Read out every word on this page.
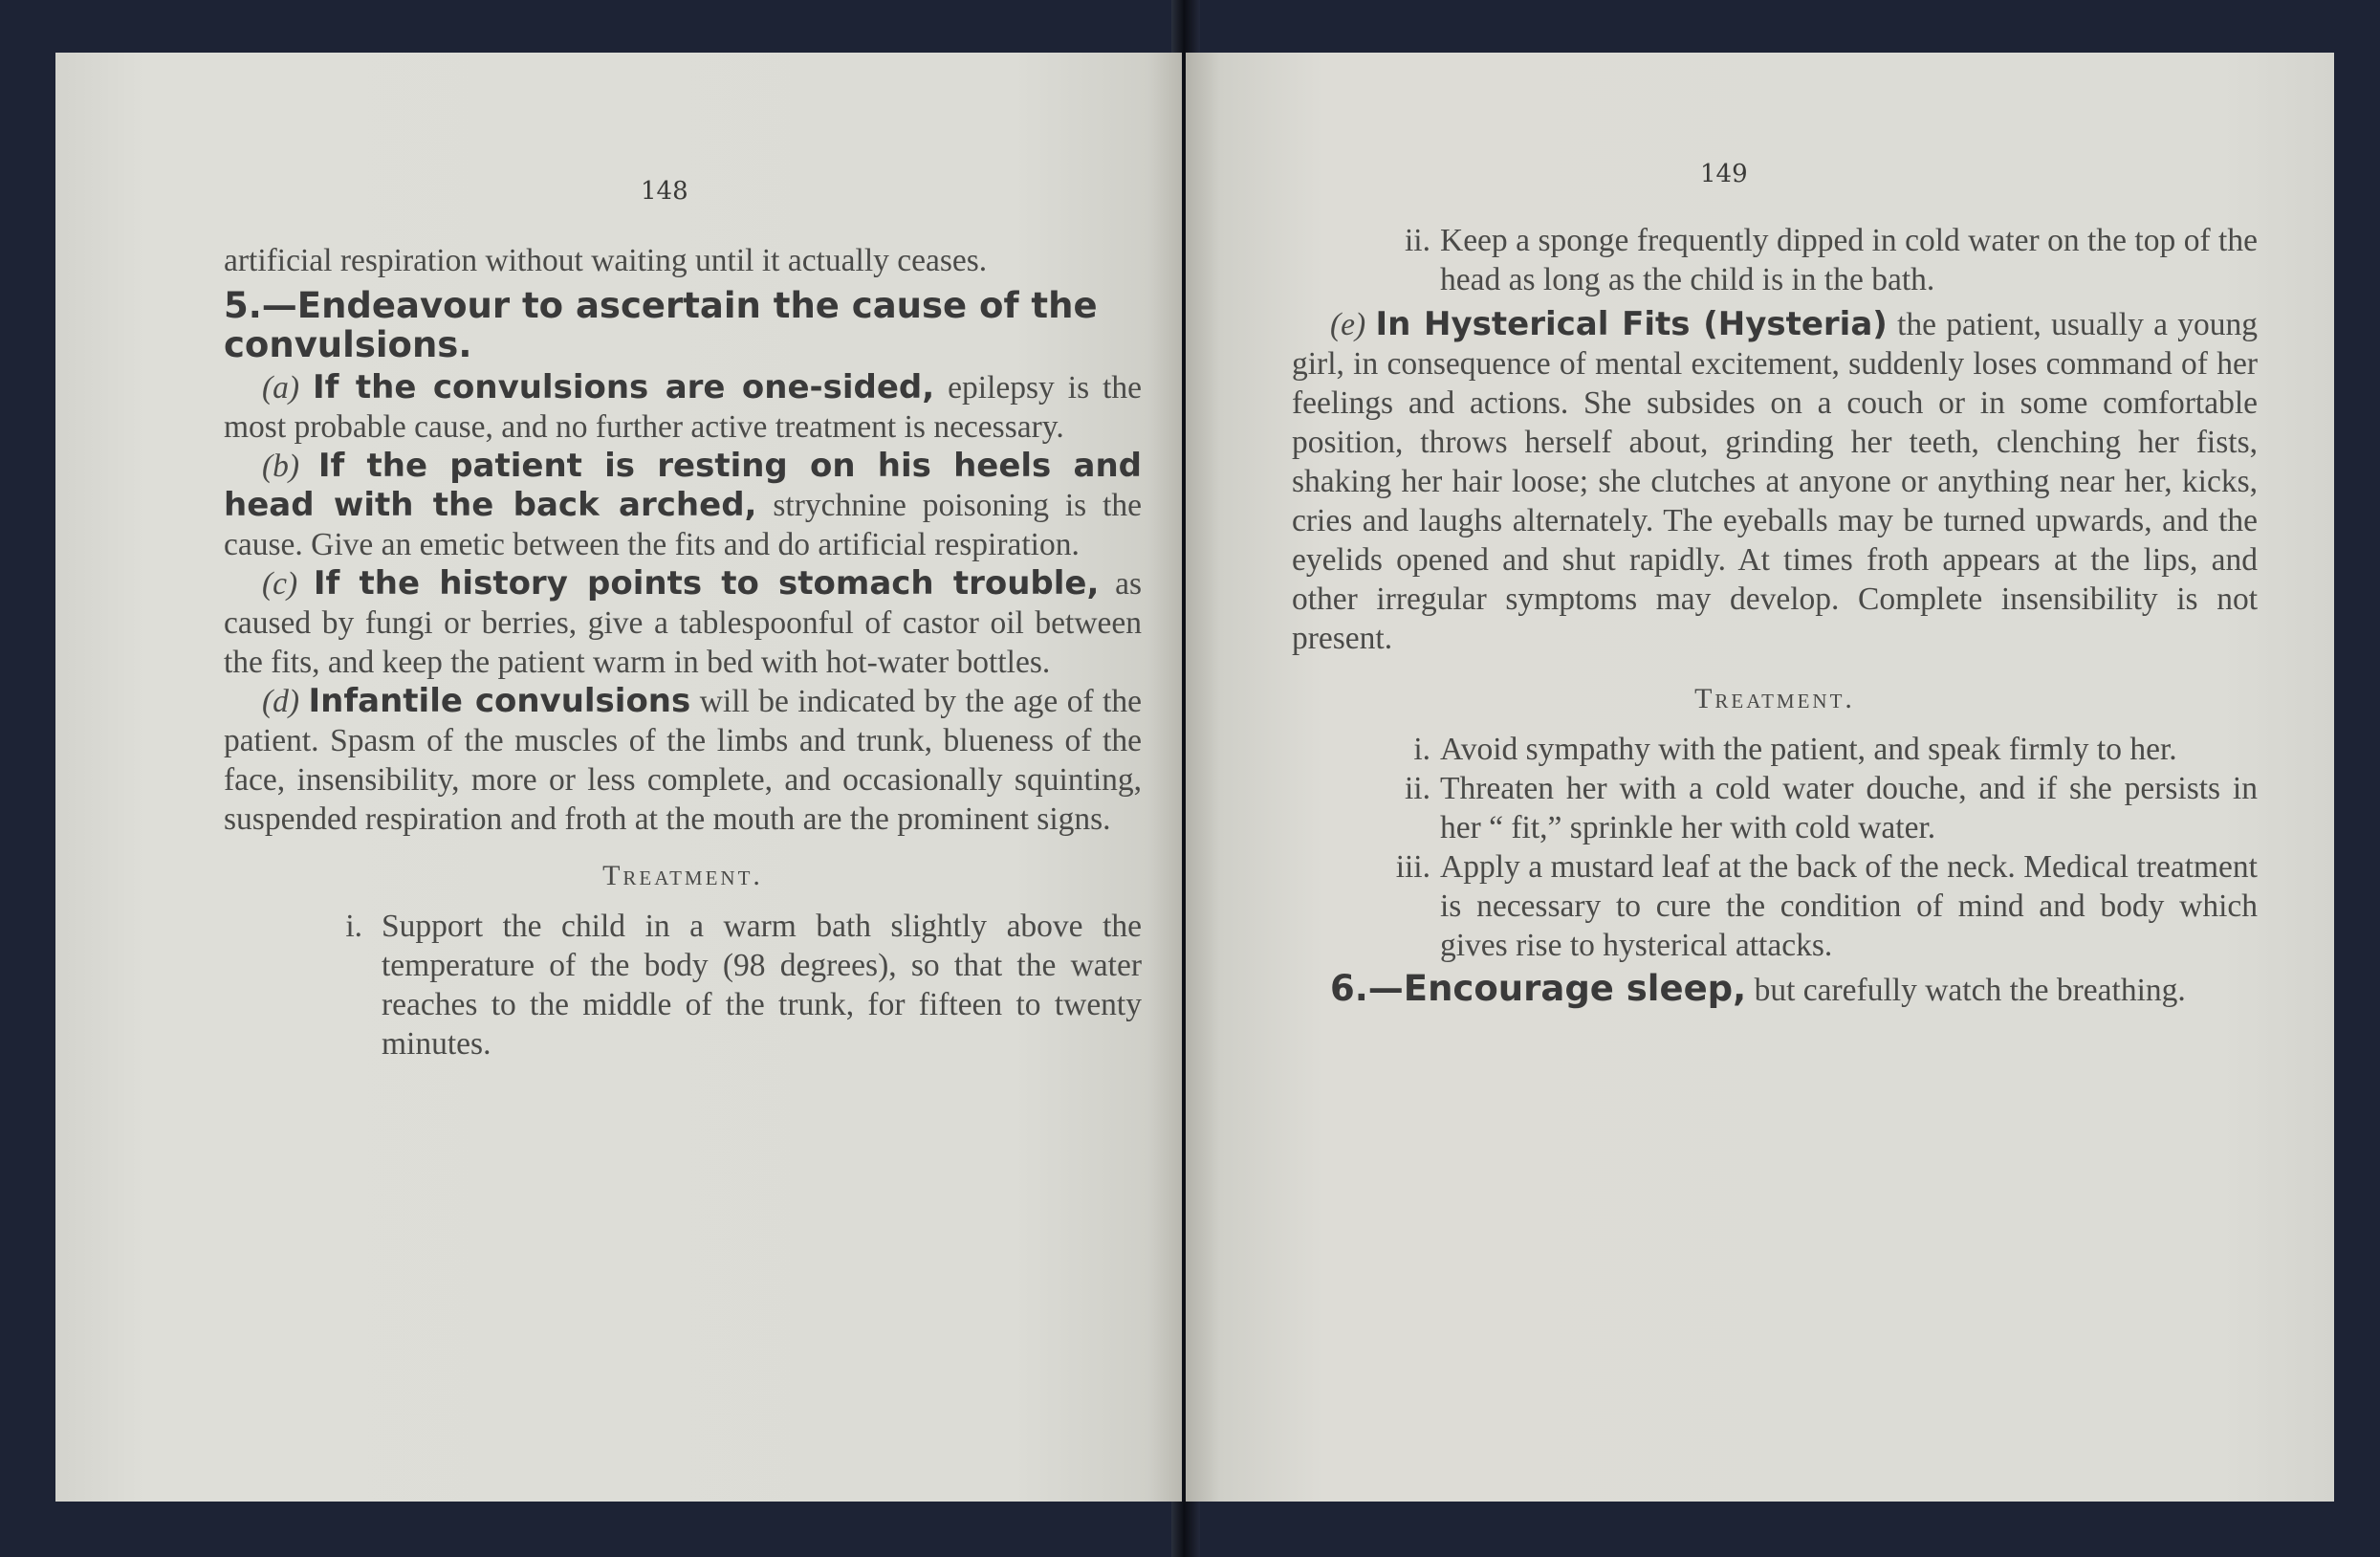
148

artificial respiration without waiting until it actually ceases.

5.—Endeavour to ascertain the cause of the convulsions.

(a) If the convulsions are one-sided, epilepsy is the most probable cause, and no further active treatment is necessary.

(b) If the patient is resting on his heels and head with the back arched, strychnine poisoning is the cause. Give an emetic between the fits and do artificial respiration.

(c) If the history points to stomach trouble, as caused by fungi or berries, give a tablespoonful of castor oil between the fits, and keep the patient warm in bed with hot-water bottles.

(d) Infantile convulsions will be indicated by the age of the patient. Spasm of the muscles of the limbs and trunk, blueness of the face, insensibility, more or less complete, and occasionally squinting, suspended respiration and froth at the mouth are the prominent signs.

Treatment.

i. Support the child in a warm bath slightly above the temperature of the body (98 degrees), so that the water reaches to the middle of the trunk, for fifteen to twenty minutes.

149

ii. Keep a sponge frequently dipped in cold water on the top of the head as long as the child is in the bath.

(e) In Hysterical Fits (Hysteria) the patient, usually a young girl, in consequence of mental excitement, suddenly loses command of her feelings and actions. She subsides on a couch or in some comfortable position, throws herself about, grinding her teeth, clenching her fists, shaking her hair loose; she clutches at anyone or anything near her, kicks, cries and laughs alternately. The eyeballs may be turned upwards, and the eyelids opened and shut rapidly. At times froth appears at the lips, and other irregular symptoms may develop. Complete insensibility is not present.

Treatment.

i. Avoid sympathy with the patient, and speak firmly to her.

ii. Threaten her with a cold water douche, and if she persists in her “ fit,” sprinkle her with cold water.

iii. Apply a mustard leaf at the back of the neck. Medical treatment is necessary to cure the condition of mind and body which gives rise to hysterical attacks.

6.—Encourage sleep, but carefully watch the breathing.
